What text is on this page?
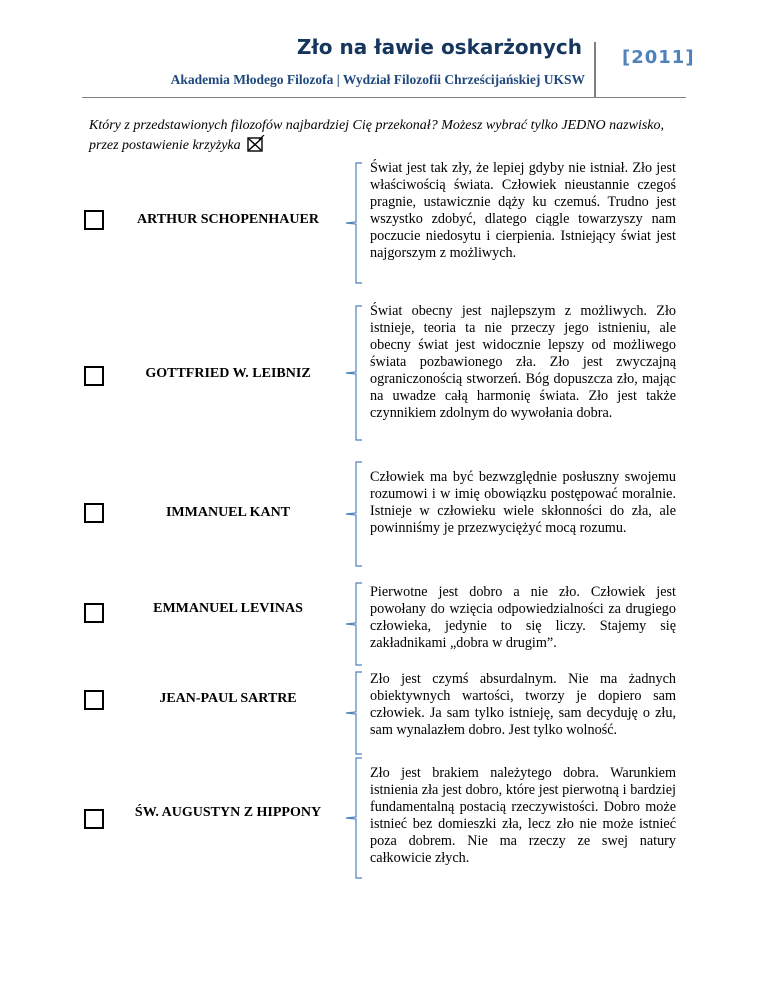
Zło na ławie oskarżonych
Akademia Młodego Filozofa | Wydział Filozofii Chrześcijańskiej UKSW
[2011]
Który z przedstawionych filozofów najbardziej Cię przekonał? Możesz wybrać tylko JEDNO nazwisko, przez postawienie krzyżyka
ARTHUR SCHOPENHAUER
Świat jest tak zły, że lepiej gdyby nie istniał. Zło jest właściwością świata. Człowiek nieustannie czegoś pragnie, ustawicznie dąży ku czemuś. Trudno jest wszystko zdobyć, dlatego ciągle towarzyszy nam poczucie niedosytu i cierpienia. Istniejący świat jest najgorszym z możliwych.
GOTTFRIED W. LEIBNIZ
Świat obecny jest najlepszym z możliwych. Zło istnieje, teoria ta nie przeczy jego istnieniu, ale obecny świat jest widocznie lepszy od możliwego świata pozbawionego zła. Zło jest zwyczajną ograniczonością stworzeń. Bóg dopuszcza zło, mając na uwadze całą harmonię świata. Zło jest także czynnikiem zdolnym do wywołania dobra.
IMMANUEL KANT
Człowiek ma być bezwzględnie posłuszny swojemu rozumowi i w imię obowiązku postępować moralnie. Istnieje w człowieku wiele skłonności do zła, ale powinniśmy je przezwyciężyć mocą rozumu.
EMMANUEL LEVINAS
Pierwotne jest dobro a nie zło. Człowiek jest powołany do wzięcia odpowiedzialności za drugiego człowieka, jedynie to się liczy. Stajemy się zakładnikami „dobra w drugim”.
JEAN-PAUL SARTRE
Zło jest czymś absurdalnym. Nie ma żadnych obiektywnych wartości, tworzy je dopiero sam człowiek. Ja sam tylko istnieję, sam decyduję o złu, sam wynalazłem dobro. Jest tylko wolność.
ŚW. AUGUSTYN Z HIPPONY
Zło jest brakiem należytego dobra. Warunkiem istnienia zła jest dobro, które jest pierwotną i bardziej fundamentalną postacią rzeczywistości. Dobro może istnieć bez domieszki zła, lecz zło nie może istnieć poza dobrem. Nie ma rzeczy ze swej natury całkowicie złych.
